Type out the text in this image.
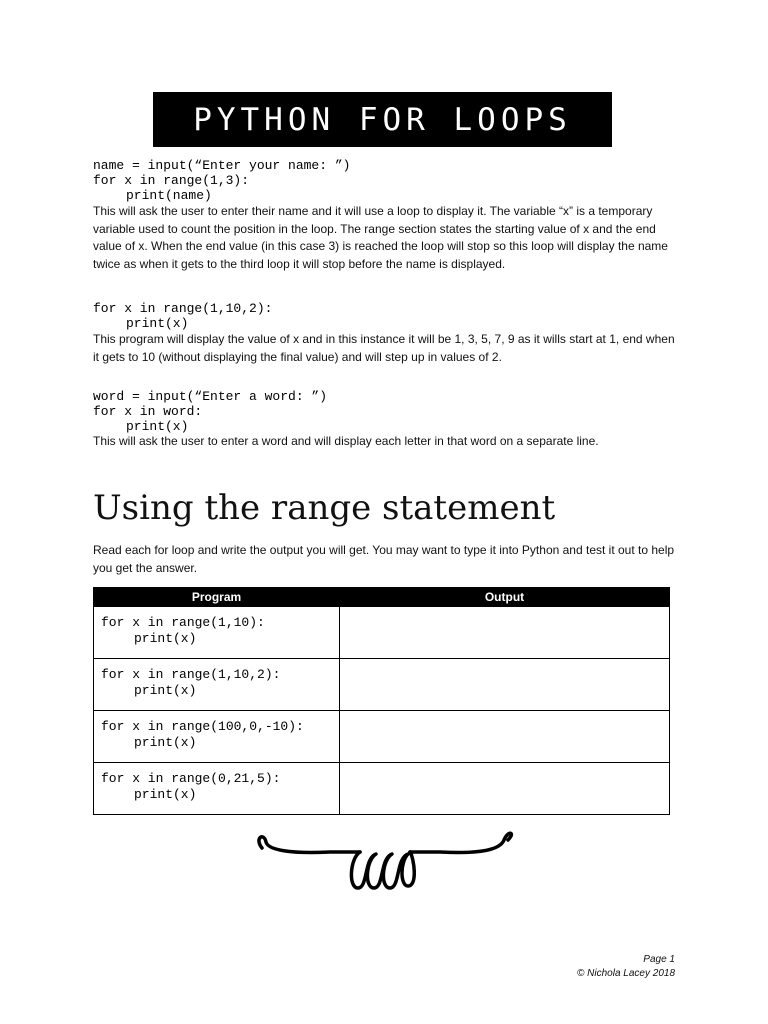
PYTHON FOR LOOPS
name = input(“Enter your name: ”)
for x in range(1,3):
print(name)

This will ask the user to enter their name and it will use a loop to display it. The variable “x” is a temporary variable used to count the position in the loop. The range section states the starting value of x and the end value of x. When the end value (in this case 3) is reached the loop will stop so this loop will display the name twice as when it gets to the third loop it will stop before the name is displayed.

for x in range(1,10,2):
print(x)

This program will display the value of x and in this instance it will be 1, 3, 5, 7, 9 as it wills start at 1, end when it gets to 10 (without displaying the final value) and will step up in values of 2.

word = input(“Enter a word: ”)
for x in word:
print(x)

This will ask the user to enter a word and will display each letter in that word on a separate line.

Using the range statement

Read each for loop and write the output you will get. You may want to type it into Python and test it out to help you get the answer.

Program	Output

for x in range(1,10):
print(x)	

for x in range(1,10,2):
print(x)	

for x in range(100,0,-10):
print(x)	

for x in range(0,21,5):
print(x)	

Page 1
© Nichola Lacey 2018
